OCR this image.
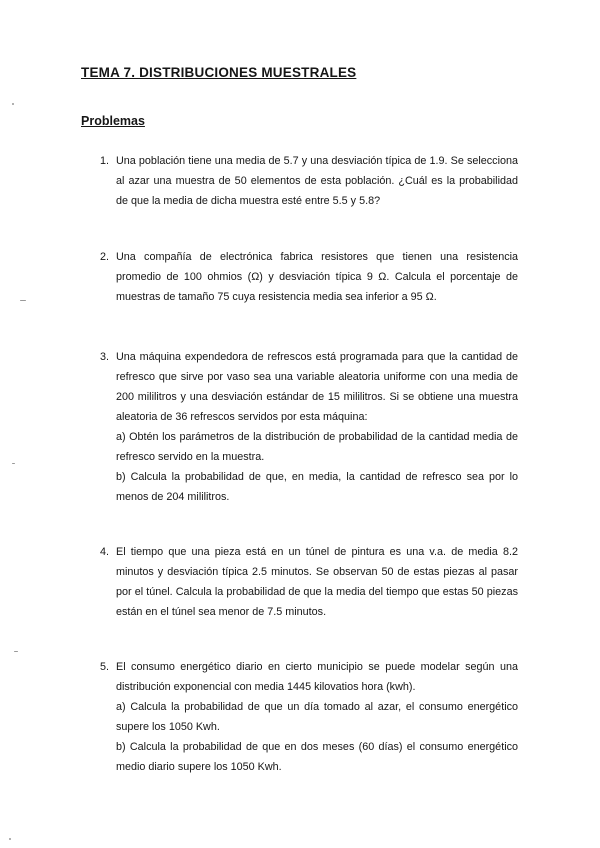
TEMA 7. DISTRIBUCIONES MUESTRALES
Problemas
1. Una población tiene una media de 5.7 y una desviación típica de 1.9. Se selecciona al azar una muestra de 50 elementos de esta población. ¿Cuál es la probabilidad de que la media de dicha muestra esté entre 5.5 y 5.8?
2. Una compañía de electrónica fabrica resistores que tienen una resistencia promedio de 100 ohmios (Ω) y desviación típica 9 Ω. Calcula el porcentaje de muestras de tamaño 75 cuya resistencia media sea inferior a 95 Ω.
3. Una máquina expendedora de refrescos está programada para que la cantidad de refresco que sirve por vaso sea una variable aleatoria uniforme con una media de 200 mililitros y una desviación estándar de 15 mililitros. Si se obtiene una muestra aleatoria de 36 refrescos servidos por esta máquina:
a) Obtén los parámetros de la distribución de probabilidad de la cantidad media de refresco servido en la muestra.
b) Calcula la probabilidad de que, en media, la cantidad de refresco sea por lo menos de 204 mililitros.
4. El tiempo que una pieza está en un túnel de pintura es una v.a. de media 8.2 minutos y desviación típica 2.5 minutos. Se observan 50 de estas piezas al pasar por el túnel. Calcula la probabilidad de que la media del tiempo que estas 50 piezas están en el túnel sea menor de 7.5 minutos.
5. El consumo energético diario en cierto municipio se puede modelar según una distribución exponencial con media 1445 kilovatios hora (kwh).
a) Calcula la probabilidad de que un día tomado al azar, el consumo energético supere los 1050 Kwh.
b) Calcula la probabilidad de que en dos meses (60 días) el consumo energético medio diario supere los 1050 Kwh.
